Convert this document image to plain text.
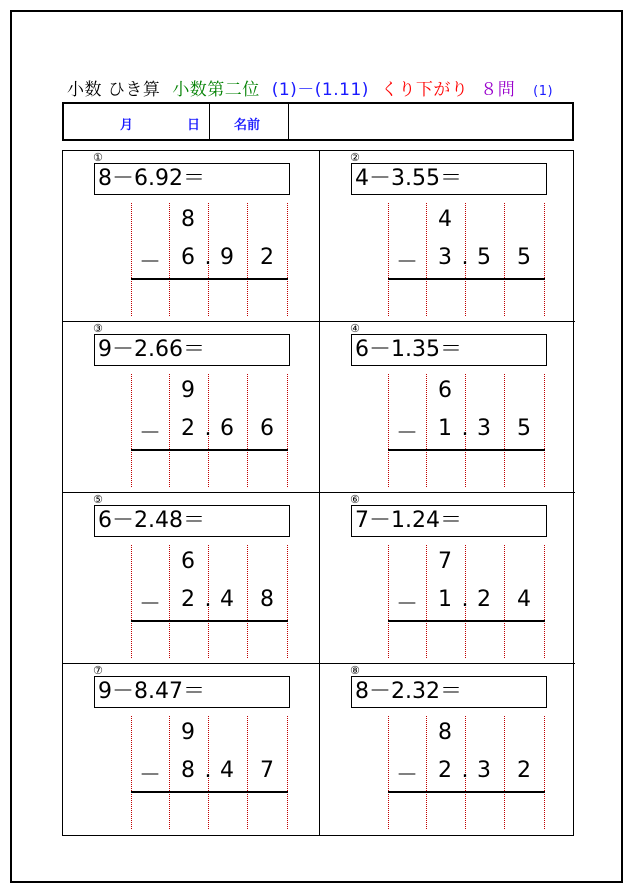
小数 ひき算 小数第二位 (1)－(1.11) くり下がり ８問 (1)
月	日	名前
①
8－6.92＝
8
－ 6 . 9	2
②
4－3.55＝
4
－ 3 . 5	5
③
9－2.66＝
9
－ 2 . 6	6
④
6－1.35＝
6
－ 1 . 3	5
⑤
6－2.48＝
6
－ 2 . 4	8
⑥
7－1.24＝
7
－ 1 . 2	4
⑦
9－8.47＝
9
－ 8 . 4	7
⑧
8－2.32＝
8
－ 2 . 3	2
